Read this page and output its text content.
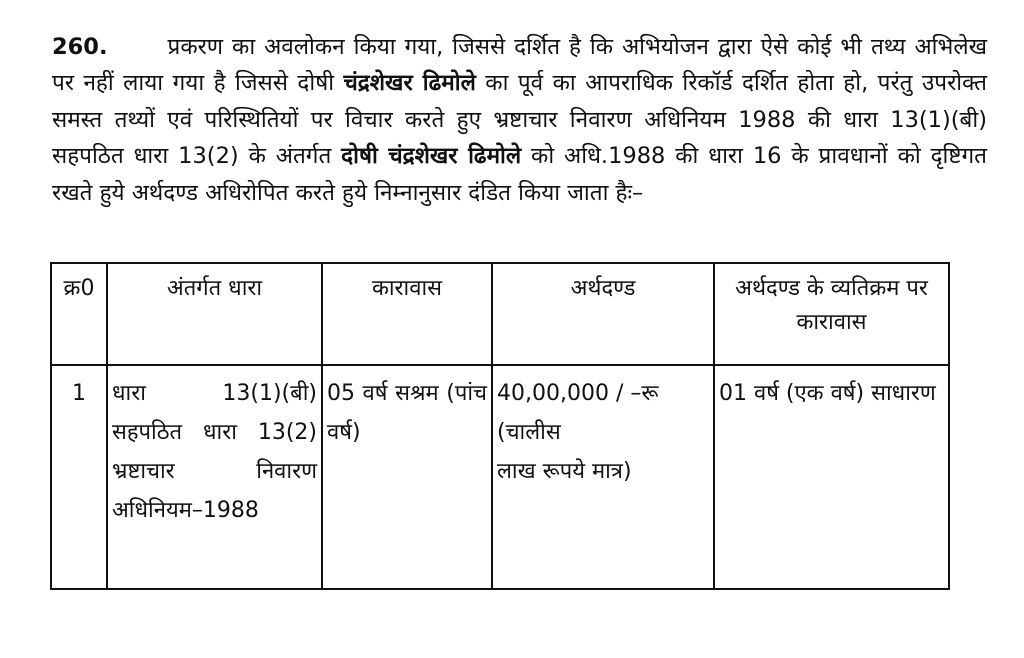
260.	प्रकरण का अवलोकन किया गया, जिससे दर्शित है कि अभियोजन द्वारा ऐसे कोई भी तथ्य अभिलेख पर नहीं लाया गया है जिससे दोषी चंद्रशेखर ढिमोले का पूर्व का आपराधिक रिकॉर्ड दर्शित होता हो, परंतु उपरोक्त समस्त तथ्यों एवं परिस्थितियों पर विचार करते हुए भ्रष्टाचार निवारण अधिनियम 1988 की धारा 13(1)(बी) सहपठित धारा 13(2) के अंतर्गत दोषी चंद्रशेखर ढिमोले को अधि.1988 की धारा 16 के प्रावधानों को दृष्टिगत रखते हुये अर्थदण्ड अधिरोपित करते हुये निम्नानुसार दंडित किया जाता हैः–

क्र0	अंतर्गत धारा	कारावास	अर्थदण्ड	अर्थदण्ड के व्यतिक्रम पर कारावास
1	धारा 13(1)(बी) सहपठित धारा 13(2) भ्रष्टाचार निवारण अधिनियम–1988	05 वर्ष सश्रम (पांच वर्ष)	40,00,000 / –रू
(चालीस
लाख रूपये मात्र)	01 वर्ष (एक वर्ष) साधारण
